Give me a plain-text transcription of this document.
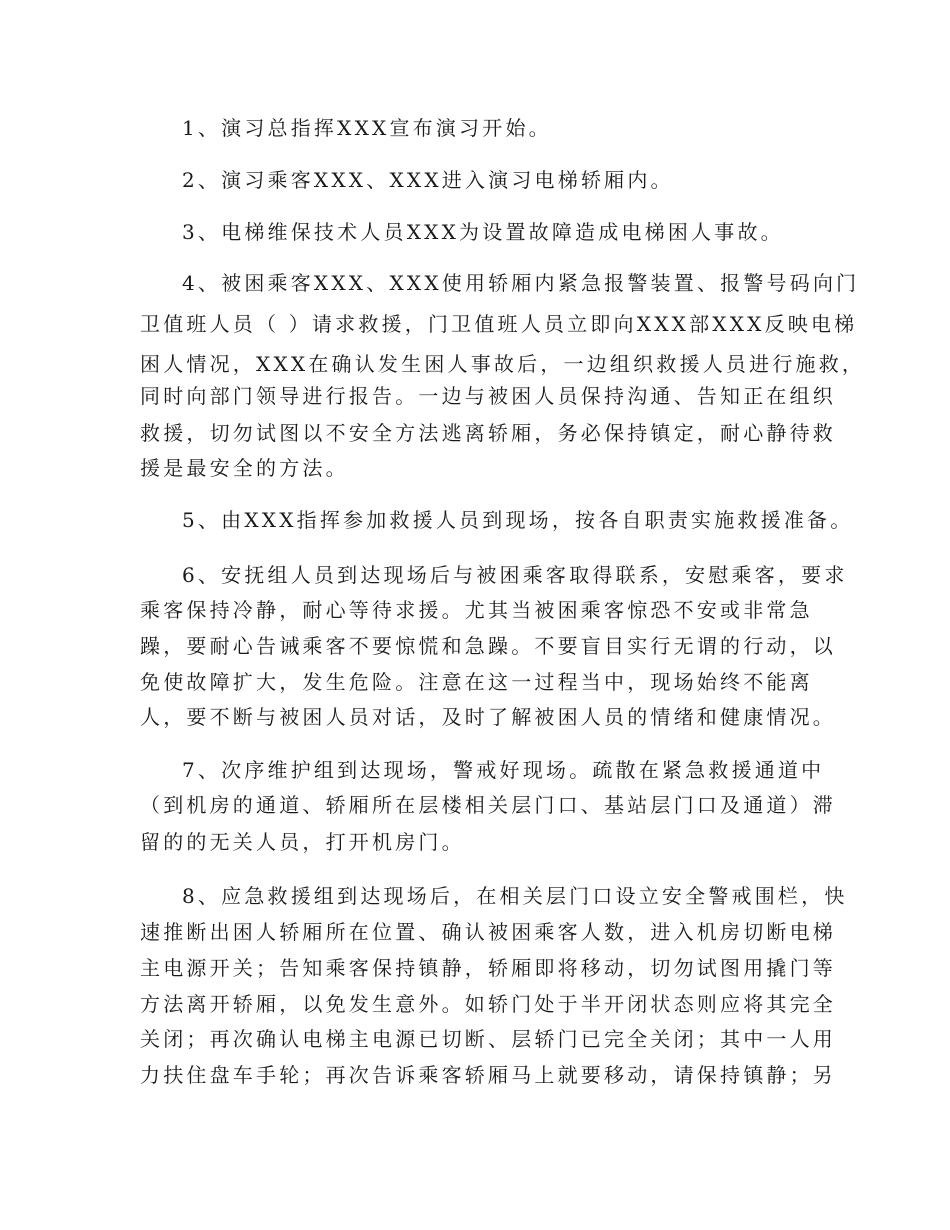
1、演习总指挥XXX宣布演习开始。
2、演习乘客XXX、XXX进入演习电梯轿厢内。
3、电梯维保技术人员XXX为设置故障造成电梯困人事故。
4、被困乘客XXX、XXX使用轿厢内紧急报警装置、报警号码向门
卫值班人员（ ）请求救援，门卫值班人员立即向XXX部XXX反映电梯
困人情况，XXX在确认发生困人事故后，一边组织救援人员进行施救，
同时向部门领导进行报告。一边与被困人员保持沟通、告知正在组织
救援，切勿试图以不安全方法逃离轿厢，务必保持镇定，耐心静待救
援是最安全的方法。
5、由XXX指挥参加救援人员到现场，按各自职责实施救援准备。
6、安抚组人员到达现场后与被困乘客取得联系，安慰乘客，要求
乘客保持冷静，耐心等待求援。尤其当被困乘客惊恐不安或非常急
躁，要耐心告诫乘客不要惊慌和急躁。不要盲目实行无谓的行动，以
免使故障扩大，发生危险。注意在这一过程当中，现场始终不能离
人，要不断与被困人员对话，及时了解被困人员的情绪和健康情况。
7、次序维护组到达现场，警戒好现场。疏散在紧急救援通道中
（到机房的通道、轿厢所在层楼相关层门口、基站层门口及通道）滞
留的的无关人员，打开机房门。
8、应急救援组到达现场后，在相关层门口设立安全警戒围栏，快
速推断出困人轿厢所在位置、确认被困乘客人数，进入机房切断电梯
主电源开关；告知乘客保持镇静，轿厢即将移动，切勿试图用撬门等
方法离开轿厢，以免发生意外。如轿门处于半开闭状态则应将其完全
关闭；再次确认电梯主电源已切断、层轿门已完全关闭；其中一人用
力扶住盘车手轮；再次告诉乘客轿厢马上就要移动，请保持镇静；另
